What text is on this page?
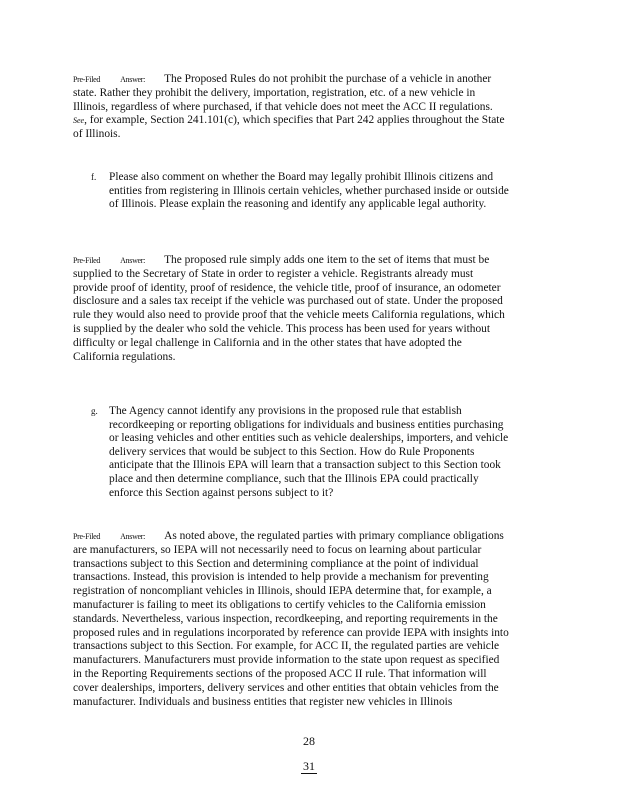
Pre-Filed	Answer: The Proposed Rules do not prohibit the purchase of a vehicle in another state. Rather they prohibit the delivery, importation, registration, etc. of a new vehicle in Illinois, regardless of where purchased, if that vehicle does not meet the ACC II regulations. See, for example, Section 241.101(c), which specifies that Part 242 applies throughout the State of Illinois.

f. Please also comment on whether the Board may legally prohibit Illinois citizens and entities from registering in Illinois certain vehicles, whether purchased inside or outside of Illinois. Please explain the reasoning and identify any applicable legal authority.

Pre-Filed	Answer: The proposed rule simply adds one item to the set of items that must be supplied to the Secretary of State in order to register a vehicle. Registrants already must provide proof of identity, proof of residence, the vehicle title, proof of insurance, an odometer disclosure and a sales tax receipt if the vehicle was purchased out of state. Under the proposed rule they would also need to provide proof that the vehicle meets California regulations, which is supplied by the dealer who sold the vehicle. This process has been used for years without difficulty or legal challenge in California and in the other states that have adopted the California regulations.

g. The Agency cannot identify any provisions in the proposed rule that establish recordkeeping or reporting obligations for individuals and business entities purchasing or leasing vehicles and other entities such as vehicle dealerships, importers, and vehicle delivery services that would be subject to this Section. How do Rule Proponents anticipate that the Illinois EPA will learn that a transaction subject to this Section took place and then determine compliance, such that the Illinois EPA could practically enforce this Section against persons subject to it?

Pre-Filed	Answer: As noted above, the regulated parties with primary compliance obligations are manufacturers, so IEPA will not necessarily need to focus on learning about particular transactions subject to this Section and determining compliance at the point of individual transactions. Instead, this provision is intended to help provide a mechanism for preventing registration of noncompliant vehicles in Illinois, should IEPA determine that, for example, a manufacturer is failing to meet its obligations to certify vehicles to the California emission standards. Nevertheless, various inspection, recordkeeping, and reporting requirements in the proposed rules and in regulations incorporated by reference can provide IEPA with insights into transactions subject to this Section. For example, for ACC II, the regulated parties are vehicle manufacturers. Manufacturers must provide information to the state upon request as specified in the Reporting Requirements sections of the proposed ACC II rule. That information will cover dealerships, importers, delivery services and other entities that obtain vehicles from the manufacturer. Individuals and business entities that register new vehicles in Illinois

28
31
